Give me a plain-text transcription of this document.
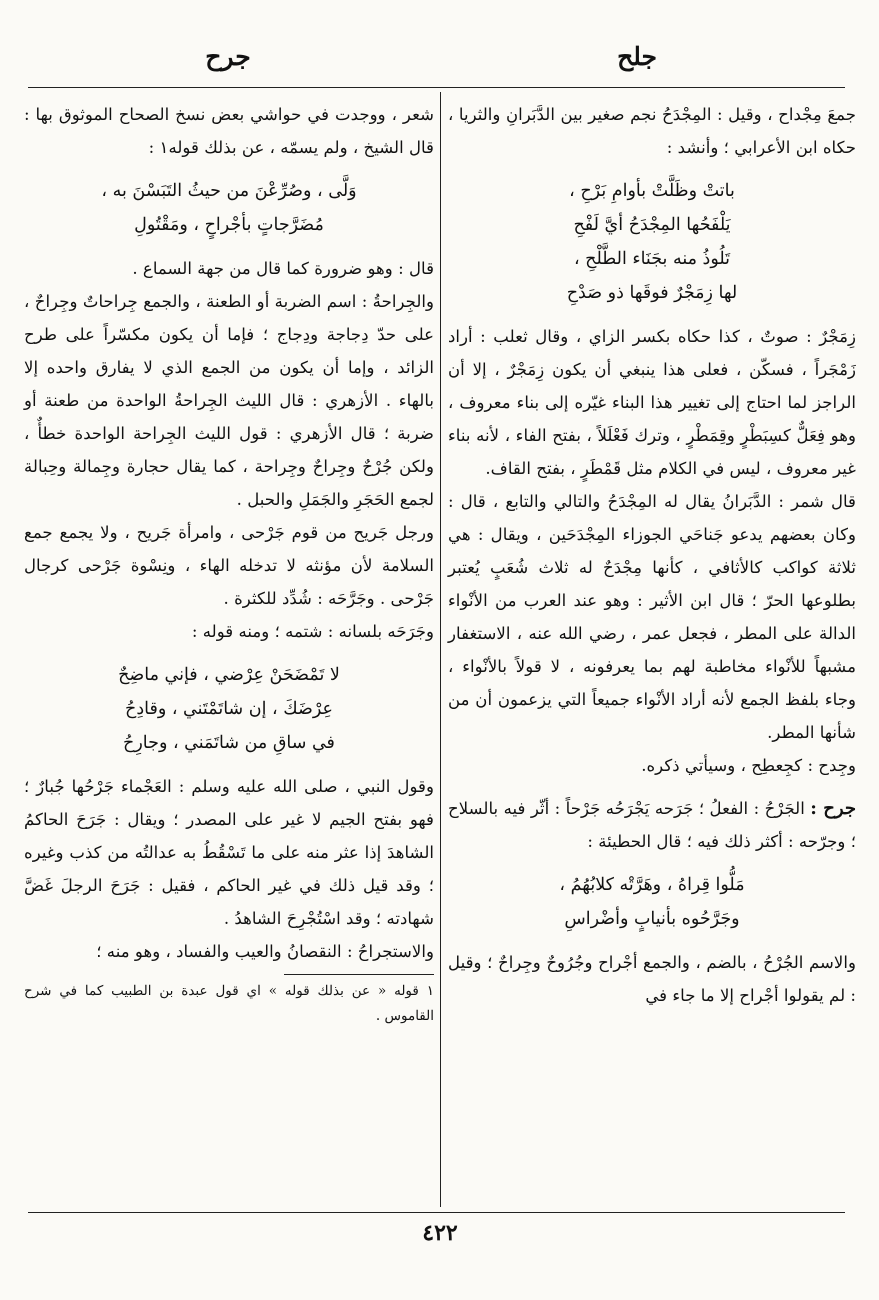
جلح
جرح

جمعَ مِجْداح ، وقيل : المِجْدَحُ نجم صغير بين الدَّبَرانِ والثريا ، حكاه ابن الأعرابي ؛ وأنشد :

باتتْ وظَلَّتْ بأوامِ بَرْحِ ،

يَلْفَحُها المِجْدَحُ أيَّ لَفْحِ

تَلُوذُ منه بجَنَاء الطَّلْحِ ،

لها زِمَجْرٌ فوقَها ذو صَدْحِ

زِمَجْرٌ : صوتٌ ، كذا حكاه بكسر الزاي ، وقال ثعلب : أراد زَمْجَراً ، فسكّن ، فعلى هذا ينبغي أن يكون زِمَجْرٌ ، إلا أن الراجز لما احتاج إلى تغيير هذا البناء غيّره إلى بناء معروف ، وهو فِعَلٌّ كسِبَطْرٍ وقِمَطْرٍ ، وترك فَعْلَلاً ، بفتح الفاء ، لأنه بناء غير معروف ، ليس في الكلام مثل قَمْطَرٍ ، بفتح القاف.

قال شمر : الدَّبَرانُ يقال له المِجْدَحُ والتالي والتابع ، قال : وكان بعضهم يدعو جَناحَي الجوزاء المِجْدَحَين ، ويقال : هي ثلاثة كواكب كالأثافي ، كأنها مِجْدَحٌ له ثلاث شُعَبٍ يُعتبر بطلوعها الحرّ ؛ قال ابن الأثير : وهو عند العرب من الأنْواء الدالة على المطر ، فجعل عمر ، رضي الله عنه ، الاستغفار مشبهاً للأنْواء مخاطبة لهم بما يعرفونه ، لا قولاً بالأنْواء ، وجاء بلفظ الجمع لأنه أراد الأنْواء جميعاً التي يزعمون أن من شأنها المطر.

وجِدح : كجِعطِح ، وسيأتي ذكره.

جرح : الجَرْحُ : الفعلُ ؛ جَرَحه يَجْرَحُه جَرْحاً : أثّر فيه بالسلاح ؛ وجرّحه : أكثر ذلك فيه ؛ قال الحطيئة :

مَلُّوا قِراهُ ، وهَرَّتْه كلابُهُمُ ،

وجَرَّحُوه بأنيابٍ وأضْراسِ

والاسم الجُرْحُ ، بالضم ، والجمع أجْراح وجُرُوحٌ وجِراحٌ ؛ وقيل : لم يقولوا أجْراح إلا ما جاء في

شعر ، ووجدت في حواشي بعض نسخ الصحاح الموثوق بها : قال الشيخ ، ولم يسمّه ، عن بذلك قوله١ :

وَلَّى ، وصُرِّعْنَ من حيثُ التَبَسْنَ به ،

مُضَرَّجاتٍ بأجْراحٍ ، ومَقْتُولِ

قال : وهو ضرورة كما قال من جهة السماع .

والجِراحةُ : اسم الضربة أو الطعنة ، والجمع جِراحاتٌ وجِراحٌ ، على حدّ دِجاجة ودِجاج ؛ فإما أن يكون مكسّراً على طرح الزائد ، وإما أن يكون من الجمع الذي لا يفارق واحده إلا بالهاء . الأزهري : قال الليث الجِراحةُ الواحدة من طعنة أو ضربة ؛ قال الأزهري : قول الليث الجِراحة الواحدة خطأٌ ، ولكن جُرْحٌ وجِراحٌ وجِراحة ، كما يقال حجارة وجِمالة وحِبالة لجمع الحَجَرِ والجَمَلِ والحبل .

ورجل جَريح من قوم جَرْحى ، وامرأة جَريح ، ولا يجمع جمع السلامة لأن مؤنثه لا تدخله الهاء ، ونِسْوة جَرْحى كرجال جَرْحى . وجَرَّحَه : شُدِّد للكثرة .

وجَرَحَه بلسانه : شتمه ؛ ومنه قوله :

لا تَمْضَحَنْ عِرْضي ، فإني ماضِحٌ

عِرْضَكَ ، إن شاتَمْتَني ، وقادِحُ

في ساقِ من شاتَمَني ، وجارِحُ

وقول النبي ، صلى الله عليه وسلم : العَجْماء جَرْحُها جُبارٌ ؛ فهو بفتح الجيم لا غير على المصدر ؛ ويقال : جَرَحَ الحاكمُ الشاهدَ إذا عثر منه على ما تَسْقُطُ به عدالتُه من كذب وغيره ؛ وقد قيل ذلك في غير الحاكم ، فقيل : جَرَحَ الرجلَ غَضَّ شهادته ؛ وقد اسْتُجْرِحَ الشاهدُ .

والاستجراحُ : النقصانُ والعيب والفساد ، وهو منه ؛

١ قوله « عن بذلك قوله » اي قول عبدة بن الطبيب كما في شرح القاموس .

٤٢٢
